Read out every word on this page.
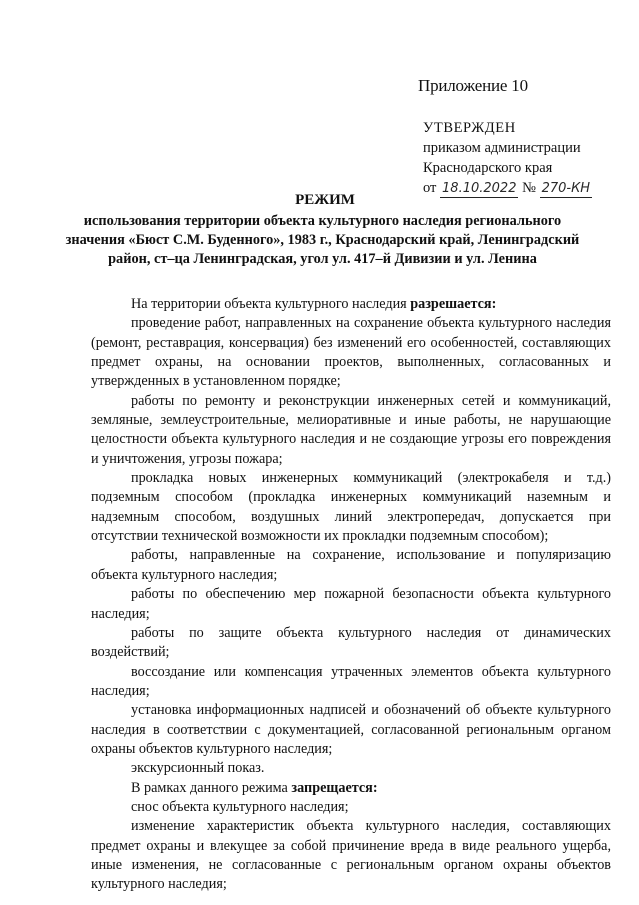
Приложение 10
УТВЕРЖДЕН
приказом администрации
Краснодарского края
от 18.10.2022 № 270-КН
РЕЖИМ
использования территории объекта культурного наследия регионального значения «Бюст С.М. Буденного», 1983 г., Краснодарский край, Ленинградский район, ст–ца Ленинградская, угол ул. 417–й Дивизии и ул. Ленина

На территории объекта культурного наследия разрешается:

проведение работ, направленных на сохранение объекта культурного наследия (ремонт, реставрация, консервация) без изменений его особенностей, составляющих предмет охраны, на основании проектов, выполненных, согласованных и утвержденных в установленном порядке;

работы по ремонту и реконструкции инженерных сетей и коммуникаций, земляные, землеустроительные, мелиоративные и иные работы, не нарушающие целостности объекта культурного наследия и не создающие угрозы его повреждения и уничтожения, угрозы пожара;

прокладка новых инженерных коммуникаций (электрокабеля и т.д.) подземным способом (прокладка инженерных коммуникаций наземным и надземным способом, воздушных линий электропередач, допускается при отсутствии технической возможности их прокладки подземным способом);

работы, направленные на сохранение, использование и популяризацию объекта культурного наследия;

работы по обеспечению мер пожарной безопасности объекта культурного наследия;

работы по защите объекта культурного наследия от динамических воздействий;

воссоздание или компенсация утраченных элементов объекта культурного наследия;

установка информационных надписей и обозначений об объекте культурного наследия в соответствии с документацией, согласованной региональным органом охраны объектов культурного наследия;

экскурсионный показ.

В рамках данного режима запрещается:

снос объекта культурного наследия;

изменение характеристик объекта культурного наследия, составляющих предмет охраны и влекущее за собой причинение вреда в виде реального ущерба, иные изменения, не согласованные с региональным органом охраны объектов культурного наследия;
